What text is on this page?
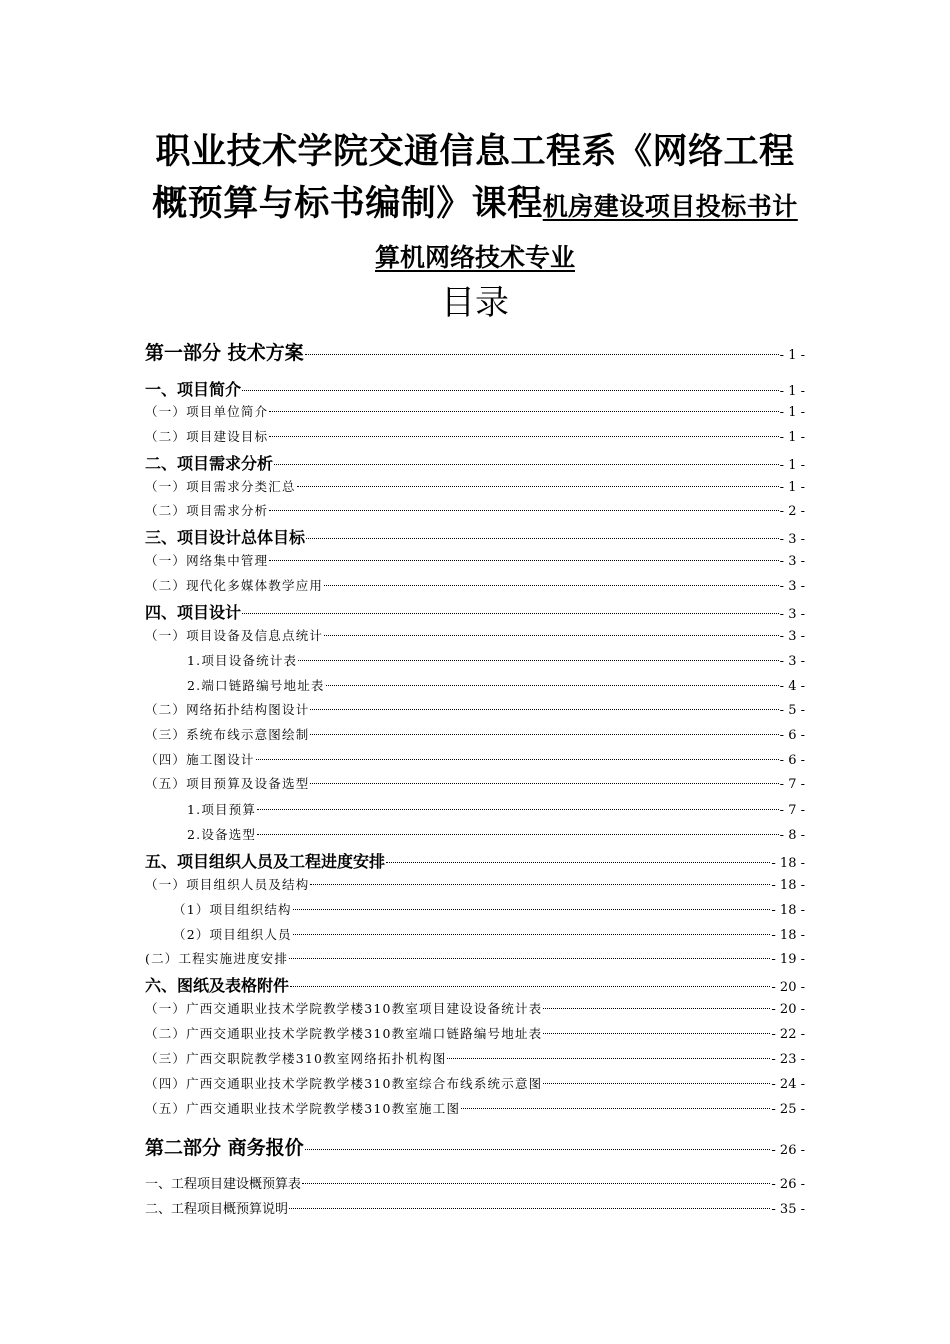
职业技术学院交通信息工程系《网络工程
概预算与标书编制》课程机房建设项目投标书计
算机网络技术专业
目录
第一部分 技术方案	- 1 -
一、项目简介	- 1 -
（一）项目单位简介	- 1 -
（二）项目建设目标	- 1 -
二、项目需求分析	- 1 -
（一）项目需求分类汇总	- 1 -
（二）项目需求分析	- 2 -
三、项目设计总体目标	- 3 -
（一）网络集中管理	- 3 -
（二）现代化多媒体教学应用	- 3 -
四、项目设计	- 3 -
（一）项目设备及信息点统计	- 3 -
1.项目设备统计表	- 3 -
2.端口链路编号地址表	- 4 -
（二）网络拓扑结构图设计	- 5 -
（三）系统布线示意图绘制	- 6 -
（四）施工图设计	- 6 -
（五）项目预算及设备选型	- 7 -
1.项目预算	- 7 -
2.设备选型	- 8 -
五、项目组织人员及工程进度安排	- 18 -
（一）项目组织人员及结构	- 18 -
（1）项目组织结构	- 18 -
（2）项目组织人员	- 18 -
(二）工程实施进度安排	- 19 -
六、图纸及表格附件	- 20 -
（一）广西交通职业技术学院教学楼310教室项目建设设备统计表	- 20 -
（二）广西交通职业技术学院教学楼310教室端口链路编号地址表	- 22 -
（三）广西交职院教学楼310教室网络拓扑机构图	- 23 -
（四）广西交通职业技术学院教学楼310教室综合布线系统示意图	- 24 -
（五）广西交通职业技术学院教学楼310教室施工图	- 25 -
第二部分 商务报价	- 26 -
一、工程项目建设概预算表	- 26 -
二、工程项目概预算说明	- 35 -
